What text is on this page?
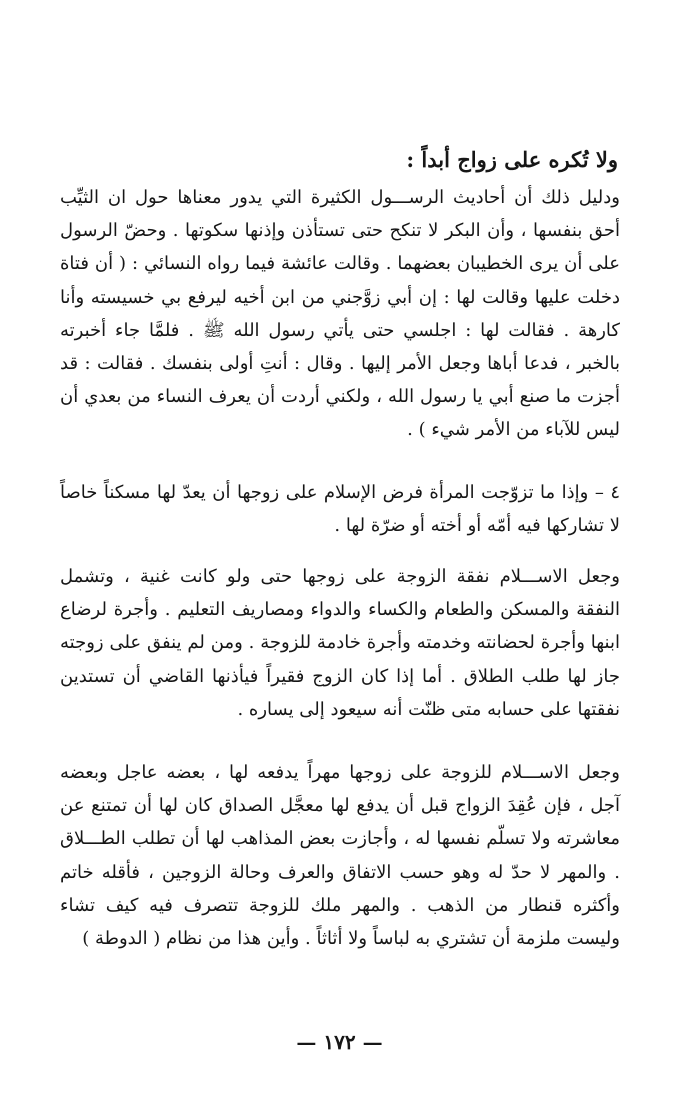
ولا تُكره على زواج أبداً :

ودليل ذلك أن أحاديث الرســـول الكثيرة التي يدور معناها حول ان الثيِّب أحق بنفسها ، وأن البكر لا تنكح حتى تستأذن وإذنها سكوتها . وحضّ الرسول على أن يرى الخطيبان بعضهما . وقالت عائشة فيما رواه النسائي : ( أن فتاة دخلت عليها وقالت لها : إن أبي زوَّجني من ابن أخيه ليرفع بي خسيسته وأنا كارهة . فقالت لها : اجلسي حتى يأتي رسول الله ﷺ . فلمَّا جاء أخبرته بالخبر ، فدعا أباها وجعل الأمر إليها . وقال : أنتِ أولى بنفسك . فقالت : قد أجزت ما صنع أبي يا رسول الله ، ولكني أردت أن يعرف النساء من بعدي أن ليس للآباء من الأمر شيء ) .

٤ – وإذا ما تزوّجت المرأة فرض الإسلام على زوجها أن يعدّ لها مسكناً خاصاً لا تشاركها فيه أمّه أو أخته أو ضرّة لها .

وجعل الاســـلام نفقة الزوجة على زوجها حتى ولو كانت غنية ، وتشمل النفقة والمسكن والطعام والكساء والدواء ومصاريف التعليم . وأجرة لرضاع ابنها وأجرة لحضانته وخدمته وأجرة خادمة للزوجة . ومن لم ينفق على زوجته جاز لها طلب الطلاق . أما إذا كان الزوج فقيراً فيأذنها القاضي أن تستدين نفقتها على حسابه متى ظنّت أنه سيعود إلى يساره .

وجعل الاســـلام للزوجة على زوجها مهراً يدفعه لها ، بعضه عاجل وبعضه آجل ، فإن عُقِدَ الزواج قبل أن يدفع لها معجَّل الصداق كان لها أن تمتنع عن معاشرته ولا تسلّم نفسها له ، وأجازت بعض المذاهب لها أن تطلب الطـــلاق . والمهر لا حدّ له وهو حسب الاتفاق والعرف وحالة الزوجين ، فأقله خاتم وأكثره قنطار من الذهب . والمهر ملك للزوجة تتصرف فيه كيف تشاء وليست ملزمة أن تشتري به لباساً ولا أثاثاً . وأين هذا من نظام ( الدوطة )

— ١٧٢ —
